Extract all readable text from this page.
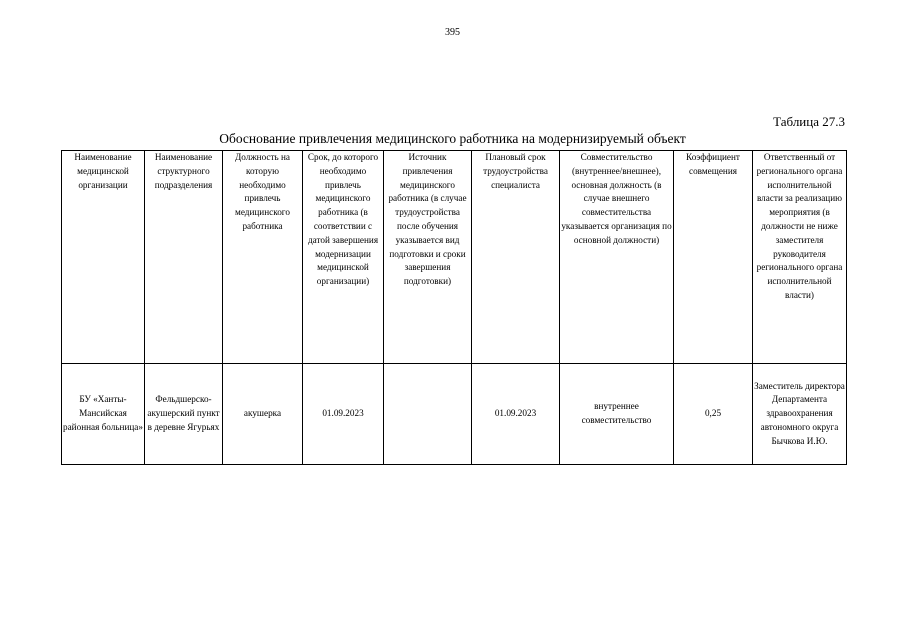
395
Таблица 27.3
Обоснование привлечения медицинского работника на модернизируемый объект
Наименование медицинской организации	Наименование структурного подразделения	Должность на которую необходимо привлечь медицинского работника	Срок, до которого необходимо привлечь медицинского работника (в соответствии с датой завершения модернизации медицинской организации)	Источник привлечения медицинского работника (в случае трудоустройства после обучения указывается вид подготовки и сроки завершения подготовки)	Плановый срок трудоустройства специалиста	Совместительство (внутреннее/внешнее), основная должность (в случае внешнего совместительства указывается организация по основной должности)	Коэффициент совмещения	Ответственный от регионального органа исполнительной власти за реализацию мероприятия (в должности не ниже заместителя руководителя регионального органа исполнительной власти)
БУ «Ханты-Мансийская районная больница»	Фельдшерско-акушерский пункт в деревне Ягурьях	акушерка	01.09.2023		01.09.2023	внутреннее совместительство	0,25	Заместитель директора Департамента здравоохранения автономного округа Бычкова И.Ю.
